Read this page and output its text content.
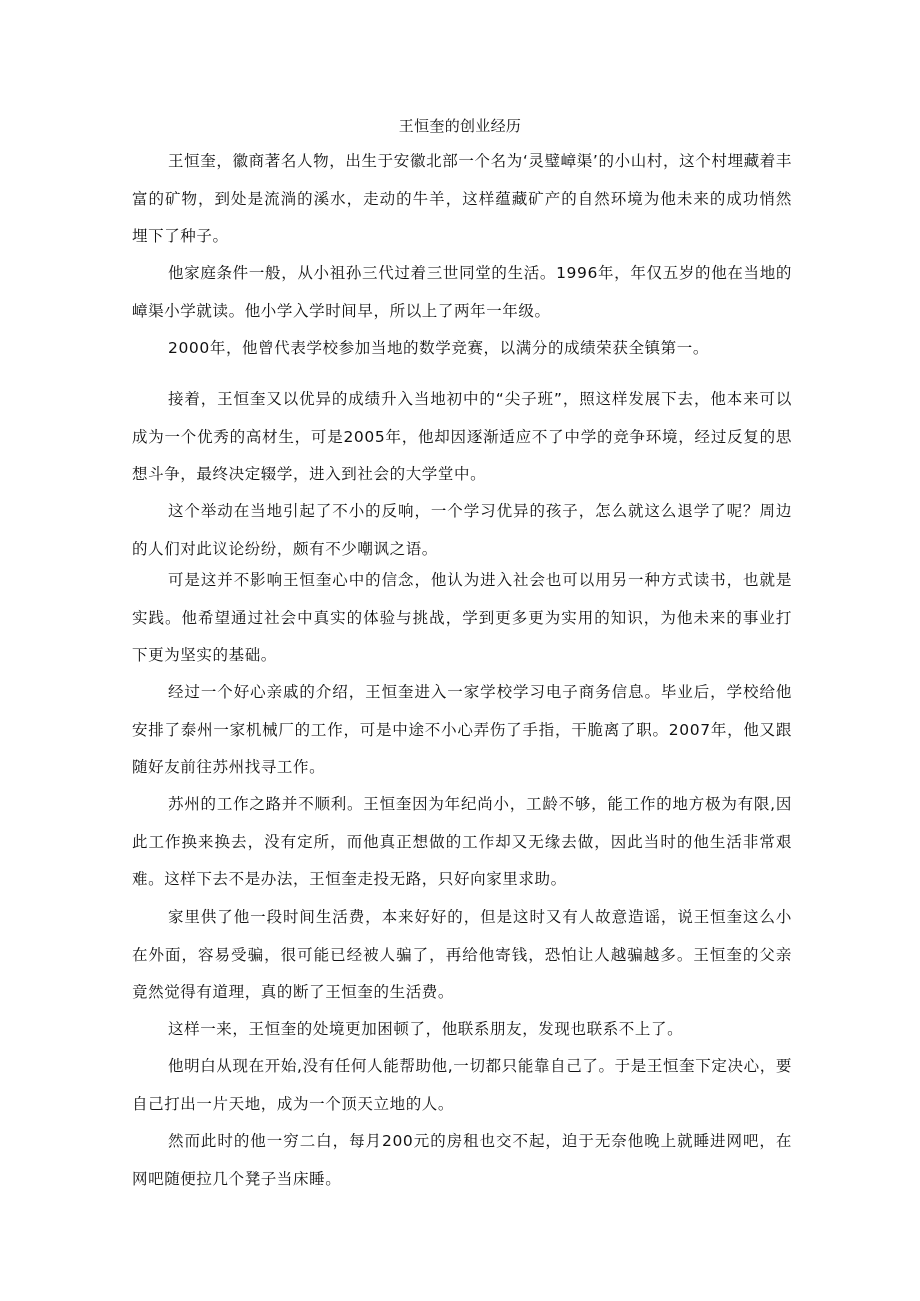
王恒奎的创业经历

王恒奎，徽商著名人物，出生于安徽北部一个名为‘灵璧嶂渠’的小山村，这个村埋藏着丰富的矿物，到处是流淌的溪水，走动的牛羊，这样蕴藏矿产的自然环境为他未来的成功悄然埋下了种子。

他家庭条件一般，从小祖孙三代过着三世同堂的生活。1996年，年仅五岁的他在当地的嶂渠小学就读。他小学入学时间早，所以上了两年一年级。

2000年，他曾代表学校参加当地的数学竞赛，以满分的成绩荣获全镇第一。

接着，王恒奎又以优异的成绩升入当地初中的“尖子班”，照这样发展下去，他本来可以成为一个优秀的高材生，可是2005年，他却因逐渐适应不了中学的竞争环境，经过反复的思想斗争，最终决定辍学，进入到社会的大学堂中。

这个举动在当地引起了不小的反响，一个学习优异的孩子，怎么就这么退学了呢？周边的人们对此议论纷纷，颇有不少嘲讽之语。

可是这并不影响王恒奎心中的信念，他认为进入社会也可以用另一种方式读书，也就是实践。他希望通过社会中真实的体验与挑战，学到更多更为实用的知识，为他未来的事业打下更为坚实的基础。

经过一个好心亲戚的介绍，王恒奎进入一家学校学习电子商务信息。毕业后，学校给他安排了泰州一家机械厂的工作，可是中途不小心弄伤了手指，干脆离了职。2007年，他又跟随好友前往苏州找寻工作。

苏州的工作之路并不顺利。王恒奎因为年纪尚小，工龄不够，能工作的地方极为有限,因此工作换来换去，没有定所，而他真正想做的工作却又无缘去做，因此当时的他生活非常艰难。这样下去不是办法，王恒奎走投无路，只好向家里求助。

家里供了他一段时间生活费，本来好好的，但是这时又有人故意造谣，说王恒奎这么小在外面，容易受骗，很可能已经被人骗了，再给他寄钱，恐怕让人越骗越多。王恒奎的父亲竟然觉得有道理，真的断了王恒奎的生活费。

这样一来，王恒奎的处境更加困顿了，他联系朋友，发现也联系不上了。

他明白从现在开始,没有任何人能帮助他,一切都只能靠自己了。于是王恒奎下定决心，要自己打出一片天地，成为一个顶天立地的人。

然而此时的他一穷二白，每月200元的房租也交不起，迫于无奈他晚上就睡进网吧，在网吧随便拉几个凳子当床睡。
